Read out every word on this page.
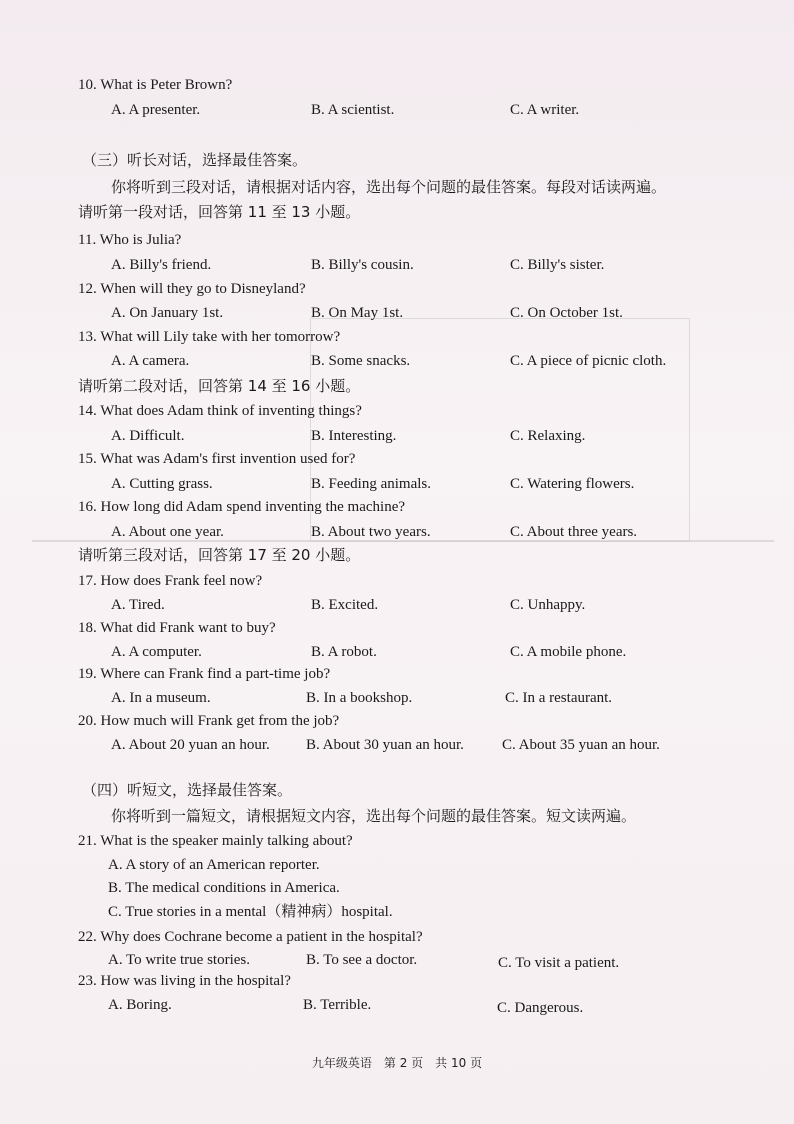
10. What is Peter Brown?
A. A presenter.	B. A scientist.	C. A writer.
（三）听长对话，选择最佳答案。
你将听到三段对话，请根据对话内容，选出每个问题的最佳答案。每段对话读两遍。
请听第一段对话，回答第 11 至 13 小题。
11. Who is Julia?
A. Billy's friend.	B. Billy's cousin.	C. Billy's sister.
12. When will they go to Disneyland?
A. On January 1st.	B. On May 1st.	C. On October 1st.
13. What will Lily take with her tomorrow?
A. A camera.	B. Some snacks.	C. A piece of picnic cloth.
请听第二段对话，回答第 14 至 16 小题。
14. What does Adam think of inventing things?
A. Difficult.	B. Interesting.	C. Relaxing.
15. What was Adam's first invention used for?
A. Cutting grass.	B. Feeding animals.	C. Watering flowers.
16. How long did Adam spend inventing the machine?
A. About one year.	B. About two years.	C. About three years.
请听第三段对话，回答第 17 至 20 小题。
17. How does Frank feel now?
A. Tired.	B. Excited.	C. Unhappy.
18. What did Frank want to buy?
A. A computer.	B. A robot.	C. A mobile phone.
19. Where can Frank find a part-time job?
A. In a museum.	B. In a bookshop.	C. In a restaurant.
20. How much will Frank get from the job?
A. About 20 yuan an hour. B. About 30 yuan an hour.	C. About 35 yuan an hour.
（四）听短文，选择最佳答案。
你将听到一篇短文，请根据短文内容，选出每个问题的最佳答案。短文读两遍。
21. What is the speaker mainly talking about?
A. A story of an American reporter.
B. The medical conditions in America.
C. True stories in a mental（精神病）hospital.
22. Why does Cochrane become a patient in the hospital?
A. To write true stories.	B. To see a doctor.	C. To visit a patient.
23. How was living in the hospital?
A. Boring.	B. Terrible.	C. Dangerous.
九年级英语　第 2 页　共 10 页
